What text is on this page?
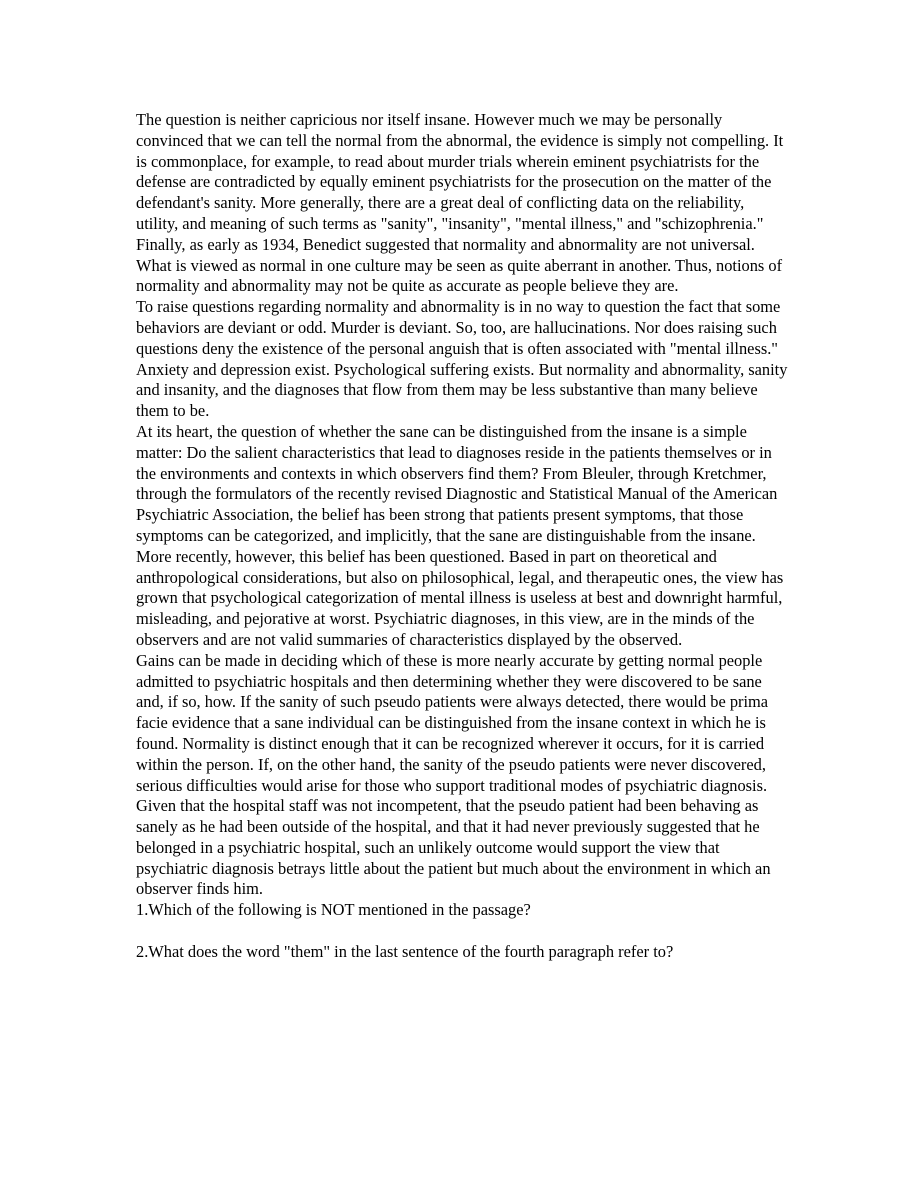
The question is neither capricious nor itself insane. However much we may be personally convinced that we can tell the normal from the abnormal, the evidence is simply not compelling. It is commonplace, for example, to read about murder trials wherein eminent psychiatrists for the defense are contradicted by equally eminent psychiatrists for the prosecution on the matter of the defendant's sanity. More generally, there are a great deal of conflicting data on the reliability, utility, and meaning of such terms as "sanity", "insanity", "mental illness," and "schizophrenia."

Finally, as early as 1934, Benedict suggested that normality and abnormality are not universal. What is viewed as normal in one culture may be seen as quite aberrant in another. Thus, notions of normality and abnormality may not be quite as accurate as people believe they are.

To raise questions regarding normality and abnormality is in no way to question the fact that some behaviors are deviant or odd. Murder is deviant. So, too, are hallucinations. Nor does raising such questions deny the existence of the personal anguish that is often associated with "mental illness." Anxiety and depression exist. Psychological suffering exists. But normality and abnormality, sanity and insanity, and the diagnoses that flow from them may be less substantive than many believe them to be.

At its heart, the question of whether the sane can be distinguished from the insane is a simple matter: Do the salient characteristics that lead to diagnoses reside in the patients themselves or in the environments and contexts in which observers find them? From Bleuler, through Kretchmer, through the formulators of the recently revised Diagnostic and Statistical Manual of the American Psychiatric Association, the belief has been strong that patients present symptoms, that those symptoms can be categorized, and implicitly, that the sane are distinguishable from the insane. More recently, however, this belief has been questioned. Based in part on theoretical and anthropological considerations, but also on philosophical, legal, and therapeutic ones, the view has grown that psychological categorization of mental illness is useless at best and downright harmful, misleading, and pejorative at worst. Psychiatric diagnoses, in this view, are in the minds of the observers and are not valid summaries of characteristics displayed by the observed.

Gains can be made in deciding which of these is more nearly accurate by getting normal people admitted to psychiatric hospitals and then determining whether they were discovered to be sane and, if so, how. If the sanity of such pseudo patients were always detected, there would be prima facie evidence that a sane individual can be distinguished from the insane context in which he is found. Normality is distinct enough that it can be recognized wherever it occurs, for it is carried within the person. If, on the other hand, the sanity of the pseudo patients were never discovered, serious difficulties would arise for those who support traditional modes of psychiatric diagnosis. Given that the hospital staff was not incompetent, that the pseudo patient had been behaving as sanely as he had been outside of the hospital, and that it had never previously suggested that he belonged in a psychiatric hospital, such an unlikely outcome would support the view that psychiatric diagnosis betrays little about the patient but much about the environment in which an observer finds him.

1.Which of the following is NOT mentioned in the passage?

2.What does the word "them" in the last sentence of the fourth paragraph refer to?
